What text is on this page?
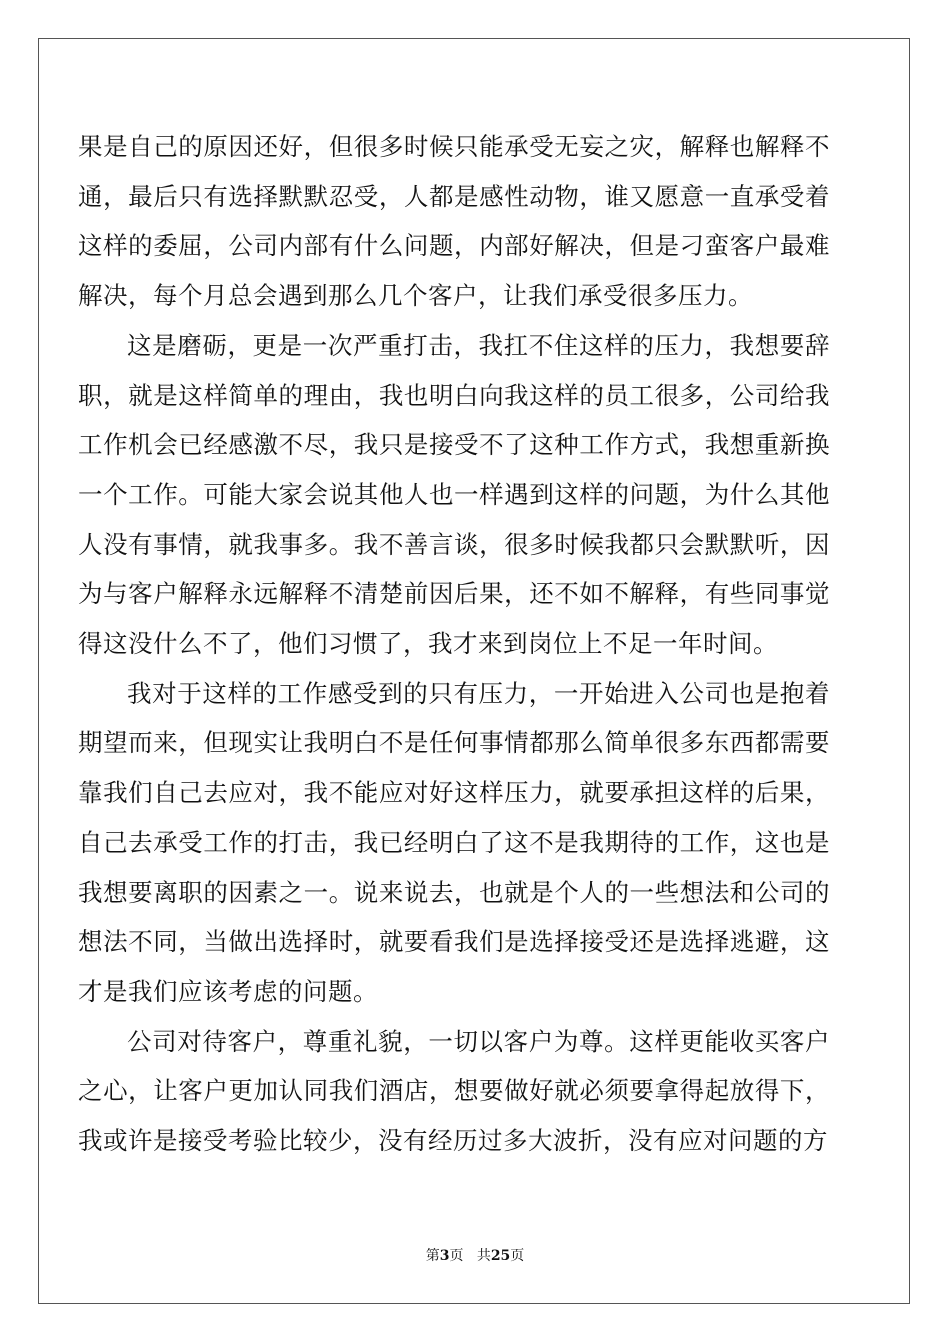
果是自己的原因还好，但很多时候只能承受无妄之灾，解释也解释不通，最后只有选择默默忍受，人都是感性动物，谁又愿意一直承受着这样的委屈，公司内部有什么问题，内部好解决，但是刁蛮客户最难解决，每个月总会遇到那么几个客户，让我们承受很多压力。

这是磨砺，更是一次严重打击，我扛不住这样的压力，我想要辞职，就是这样简单的理由，我也明白向我这样的员工很多，公司给我工作机会已经感激不尽，我只是接受不了这种工作方式，我想重新换一个工作。可能大家会说其他人也一样遇到这样的问题，为什么其他人没有事情，就我事多。我不善言谈，很多时候我都只会默默听，因为与客户解释永远解释不清楚前因后果，还不如不解释，有些同事觉得这没什么不了，他们习惯了，我才来到岗位上不足一年时间。

我对于这样的工作感受到的只有压力，一开始进入公司也是抱着期望而来，但现实让我明白不是任何事情都那么简单很多东西都需要靠我们自己去应对，我不能应对好这样压力，就要承担这样的后果，自己去承受工作的打击，我已经明白了这不是我期待的工作，这也是我想要离职的因素之一。说来说去，也就是个人的一些想法和公司的想法不同，当做出选择时，就要看我们是选择接受还是选择逃避，这才是我们应该考虑的问题。

公司对待客户，尊重礼貌，一切以客户为尊。这样更能收买客户之心，让客户更加认同我们酒店，想要做好就必须要拿得起放得下，我或许是接受考验比较少，没有经历过多大波折，没有应对问题的方

第3页 共25页
